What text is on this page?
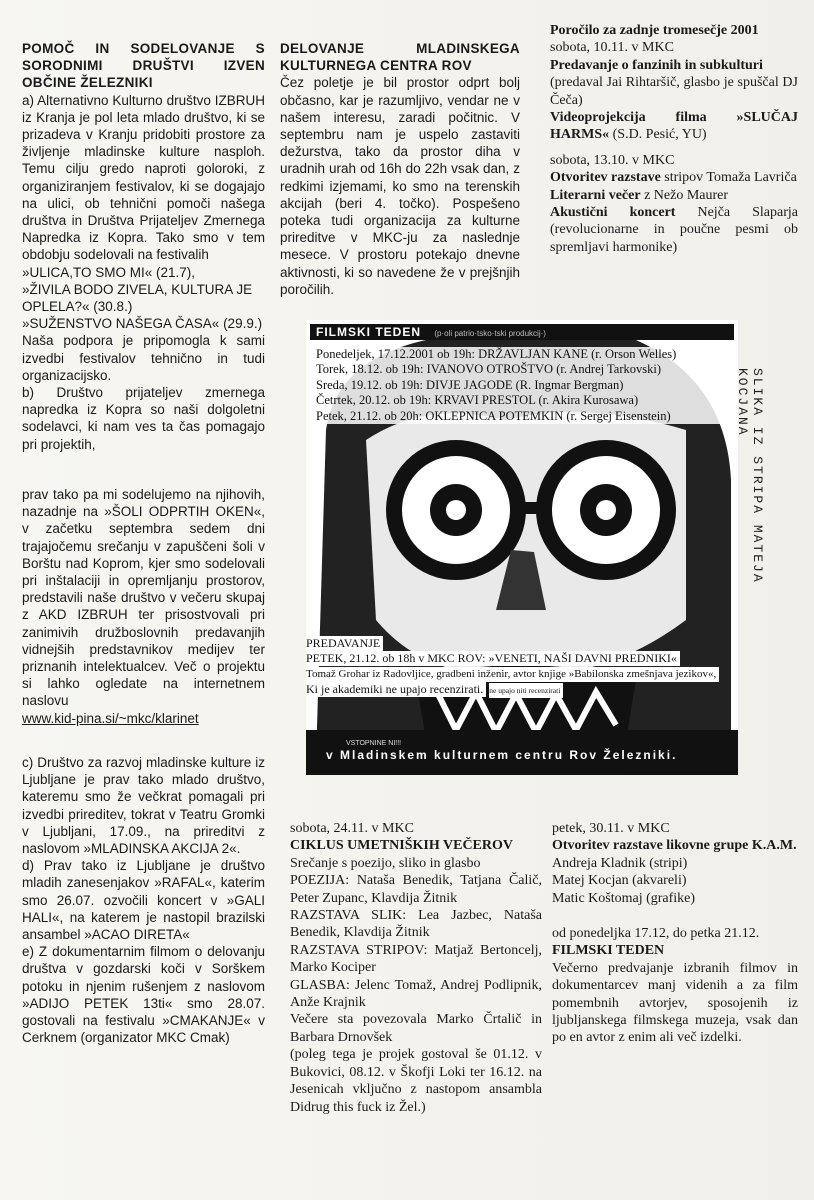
POMOČ IN SODELOVANJE S SORODNIMI DRUŠTVI IZVEN OBČINE ŽELEZNIKI

a) Alternativno Kulturno društvo IZBRUH iz Kranja je pol leta mlado društvo, ki se prizadeva v Kranju pridobiti prostore za življenje mladinske kulture nasploh. Temu cilju gredo naproti goloroki, z organiziranjem festivalov, ki se dogajajo na ulici, ob tehnični pomoči našega društva in Društva Prijateljev Zmernega Napredka iz Kopra. Tako smo v tem obdobju sodelovali na festivalih

»ULICA,TO SMO MI« (21.7),

»ŽIVILA BODO ZIVELA, KULTURA JE OPLELA?« (30.8.)

»SUŽENSTVO NAŠEGA ČASA« (29.9.)

Naša podpora je pripomogla k sami izvedbi festivalov tehnično in tudi organizacijsko.

b) Društvo prijateljev zmernega napredka iz Kopra so naši dolgoletni sodelavci, ki nam ves ta čas pomagajo pri projektih,

prav tako pa mi sodelujemo na njihovih, nazadnje na »ŠOLI ODPRTIH OKEN«, v začetku septembra sedem dni trajajočemu srečanju v zapuščeni šoli v Borštu nad Koprom, kjer smo sodelovali pri inštalaciji in opremljanju prostorov, predstavili naše društvo v večeru skupaj z AKD IZBRUH ter prisostvovali pri zanimivih družboslovnih predavanjih vidnejših predstavnikov medijev ter priznanih intelektualcev. Več o projektu si lahko ogledate na internetnem naslovu

www.kid-pina.si/~mkc/klarinet

c) Društvo za razvoj mladinske kulture iz Ljubljane je prav tako mlado društvo, kateremu smo že večkrat pomagali pri izvedbi prireditev, tokrat v Teatru Gromki v Ljubljani, 17.09., na prireditvi z naslovom »MLADINSKA AKCIJA 2«.

d) Prav tako iz Ljubljane je društvo mladih zanesenjakov »RAFAL«, katerim smo 26.07. ozvočili koncert v »GALI HALI«, na katerem je nastopil brazilski ansambel »ACAO DIRETA«

e) Z dokumentarnim filmom o delovanju društva v gozdarski koči v Sorškem potoku in njenim rušenjem z naslovom »ADIJO PETEK 13ti« smo 28.07. gostovali na festivalu »CMAKANJE« v Cerknem (organizator MKC Cmak)

DELOVANJE MLADINSKEGA KULTURNEGA CENTRA ROV

Čez poletje je bil prostor odprt bolj občasno, kar je razumljivo, vendar ne v našem interesu, zaradi počitnic. V septembru nam je uspelo zastaviti dežurstva, tako da prostor diha v uradnih urah od 16h do 22h vsak dan, z redkimi izjemami, ko smo na terenskih akcijah (beri 4. točko). Pospešeno poteka tudi organizacija za kulturne prireditve v MKC-ju za naslednje mesece. V prostoru potekajo dnevne aktivnosti, ki so navedene že v prejšnjih poročilih.

Poročilo za zadnje tromesečje 2001

sobota, 10.11. v MKC

Predavanje o fanzinih in subkulturi

(predaval Jai Rihtaršič, glasbo je spuščal DJ Čeča)

Videoprojekcija filma »SLUČAJ HARMS« (S.D. Pesić, YU)

sobota, 13.10. v MKC

Otvoritev razstave stripov Tomaža Lavriča

Literarni večer z Nežo Maurer

Akustični koncert Nejča Slaparja (revolucionarne in poučne pesmi ob spremljavi harmonike)

FILMSKI TEDEN (p·oli patrio·tsko·tski produkcij·)
Ponedeljek, 17.12.2001 ob 19h: DRŽAVLJAN KANE (r. Orson Welles)
Torek, 18.12. ob 19h: IVANOVO OTROŠTVO (r. Andrej Tarkovski)
Sreda, 19.12. ob 19h: DIVJE JAGODE (R. Ingmar Bergman)
Četrtek, 20.12. ob 19h: KRVAVI PRESTOL (r. Akira Kurosawa)
Petek, 21.12. ob 20h: OKLEPNICA POTEMKIN (r. Sergej Eisenstein)
PREDAVANJE
PETEK, 21.12. ob 18h v MKC ROV: »VENETI, NAŠI DAVNI PREDNIKI«
Tomaž Grohar iz Radovljice, gradbeni inženir, avtor knjige »Babilonska zmešnjava jezikov«,
Ki je akademiki ne upajo recenzirati. ne upajo niti recenzirati
VSTOPNINE NI!!!
v Mladinskem kulturnem centru Rov Železniki.
SLIKA IZ STRIPA MATEJA KOCJANA

sobota, 24.11. v MKC

CIKLUS UMETNIŠKIH VEČEROV

Srečanje s poezijo, sliko in glasbo

POEZIJA: Nataša Benedik, Tatjana Čalič, Peter Zupanc, Klavdija Žitnik

RAZSTAVA SLIK: Lea Jazbec, Nataša Benedik, Klavdija Žitnik

RAZSTAVA STRIPOV: Matjaž Bertoncelj, Marko Kociper

GLASBA: Jelenc Tomaž, Andrej Podlipnik, Anže Krajnik

Večere sta povezovala Marko Črtalič in Barbara Drnovšek

(poleg tega je projek gostoval še 01.12. v Bukovici, 08.12. v Škofji Loki ter 16.12. na Jesenicah vključno z nastopom ansambla Didrug this fuck iz Žel.)

petek, 30.11. v MKC

Otvoritev razstave likovne grupe K.A.M.

Andreja Kladnik (stripi)

Matej Kocjan (akvareli)

Matic Koštomaj (grafike)

od ponedeljka 17.12, do petka 21.12.

FILMSKI TEDEN

Večerno predvajanje izbranih filmov in dokumentarcev manj videnih a za film pomembnih avtorjev, sposojenih iz ljubljanskega filmskega muzeja, vsak dan po en avtor z enim ali več izdelki.
